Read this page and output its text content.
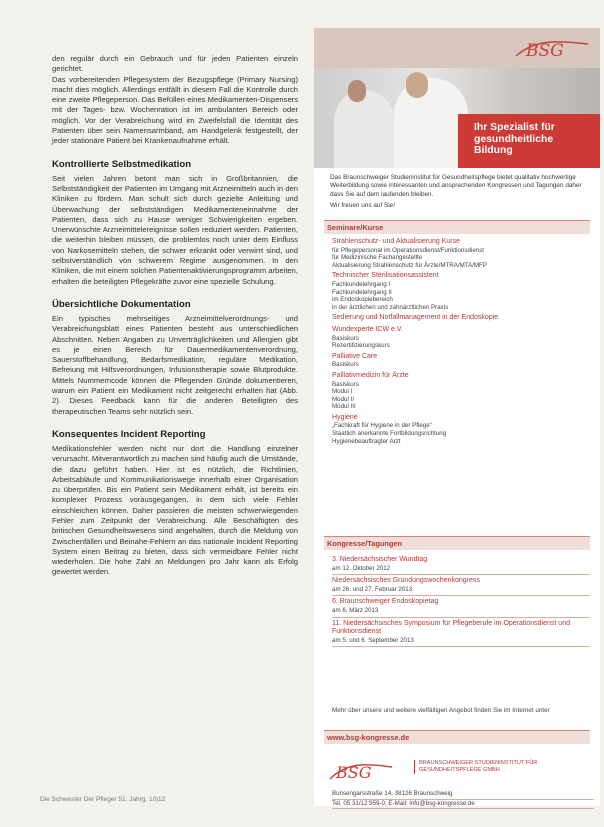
den regulär durch ein Gebrauch und für jeden Patienten einzeln gerichtet.

Das vorbereitenden Pflegesystem der Bezugspflege (Primary Nursing) macht dies möglich. Allerdings entfällt in diesem Fall die Kontrolle durch eine zweite Pflegeperson. Das Befüllen eines Medikamenten-Dispensers mit der Tages- bzw. Wochenration ist im ambulanten Bereich oder möglich. Vor der Verabreichung wird im Zweifelsfall die Identität des Patienten über sein Namensarmband, am Handgelenk festgestellt, der jeder stationäre Patient bei Krankenaufnahme erhält.

Kontrollierte Selbstmedikation

Seit vielen Jahren betont man sich in Großbritannien, die Selbstständigkeit der Patienten im Umgang mit Arzneimitteln auch in den Kliniken zu fördern. Man schult sich durch gezielte Anleitung und Überwachung der selbstständigen Medikamenteneinnahme der Patienten, dass sich zu Hause weniger Schwierigkeiten ergeben. Unerwünschte Arzneimittelereignisse sollen reduziert werden. Patienten, die weiterhin bleiben müssen, die problemlos noch unter dem Einfluss von Narkosemitteln stehen, die schwer erkrankt oder verwirrt sind, und selbstverständlich von schwerem Regime ausgenommen. In den Kliniken, die mit einem solchen Patientenaktivierungsprogramm arbeiten, erhalten die beteiligten Pflegekräfte zuvor eine spezielle Schulung.

Übersichtliche Dokumentation

Ein typisches mehrseitiges Arzneimittelverordnungs- und Verabreichungsblatt eines Patienten besteht aus unterschiedlichen Abschnitten. Neben Angaben zu Unverträglichkeiten und Allergien gibt es je einen Bereich für Dauermedikamentenverordnung, Sauerstoffbehandlung, Bedarfsmedikation, reguläre Medikation, Befreiung mit Hilfsverordnungen, Infusionstherapie sowie Blutprodukte. Mittels Nummerncode können die Pflegenden Gründe dokumentieren, warum ein Patient ein Medikament nicht zeitgerecht erhalten hat (Abb. 2). Dieses Feedback kann für die anderen Beteiligten des therapeutischen Teams sehr nützlich sein.

Konsequentes Incident Reporting

Medikationsfehler werden nicht nur dort die Handlung einzelner verursacht. Mitverantwortlich zu machen sind häufig auch die Umstände, die dazu geführt haben. Hier ist es nützlich, die Richtlinien, Arbeitsabläufe und Kommunikationswege innerhalb einer Organisation zu überprüfen. Bis ein Patient sein Medikament erhält, ist bereits ein komplexer Prozess vorausgegangen, in dem sich viele Fehler einschleichen können. Daher passieren die meisten schwerwiegenden Fehler zum Zeitpunkt der Verabreichung. Alle Beschäftigten des britischen Gesundheitswesens sind angehalten, durch die Meldung von Zwischenfällen und Beinahe-Fehlern an das nationale Incident Reporting System einen Beitrag zu bieten, dass sich vermeidbare Fehler nicht wiederholen. Die hohe Zahl an Meldungen pro Jahr kann als Erfolg gewertet werden.

Die Schwester Der Pfleger 51. Jahrg. 10|12
BSG
Ihr Spezialist für gesundheitliche Bildung
Das Braunschweiger Studieninstitut für Gesundheitspflege bietet qualitativ hochwertige Weiterbildung sowie interessanten und ansprechenden Kongressen und Tagungen daher dass Sie auf dem laufenden bleiben.
Wir freuen uns auf Sie!
Seminare/Kurse
Strahlenschutz- und Aktualisierung Kurse
für Pflegepersonal im Operationsdienst/Funktionsdienst
für Medizinische Fachangestellte
Aktualisierung Strahlenschutz für Ärzte/MTRA/MTA/MFP
Technischer Sterilisationsassistent
Fachkundelehrgang I
Fachkundelehrgang II
im Endoskopiebereich
in der ärztlichen und zahnärztlichen Praxis
Sedierung und Notfallmanagement in der Endoskopie
Wundexperte ICW e.V.
Basiskurs
Rezertifizierungskurs
Palliative Care
Basiskurs
Palliativmedizin für Ärzte
Basiskurs
Modul I
Modul II
Modul III
Hygiene
„Fachkraft für Hygiene in der Pflege“
Staatlich anerkannte Fortbildungsrichtung
Hygienebeauftragter Arzt
Kongresse/Tagungen
3. Niedersächsischer Wundtag
am 12. Oktober 2012
Niedersächsisches Gründungswochenkongress
am 26. und 27. Februar 2013
6. Braunschweiger Endoskopietag
am 6. März 2013
11. Niedersächsisches Symposium für Pflegeberufe im Operationsdienst und Funktionsdienst
am 5. und 6. September 2013
Mehr über unsere und weitere vielfältigen Angebot finden Sie im Internet unter
www.bsg-kongresse.de
BSG	BRAUNSCHWEIGER STUDIENINSTITUT FÜR GESUNDHEITSPFLEGE GMBH
Bunsengarsstraße 14, 38126 Braunschweig
Tel. 05 31/12 959-0, E-Mail: info@bsg-kongresse.de
